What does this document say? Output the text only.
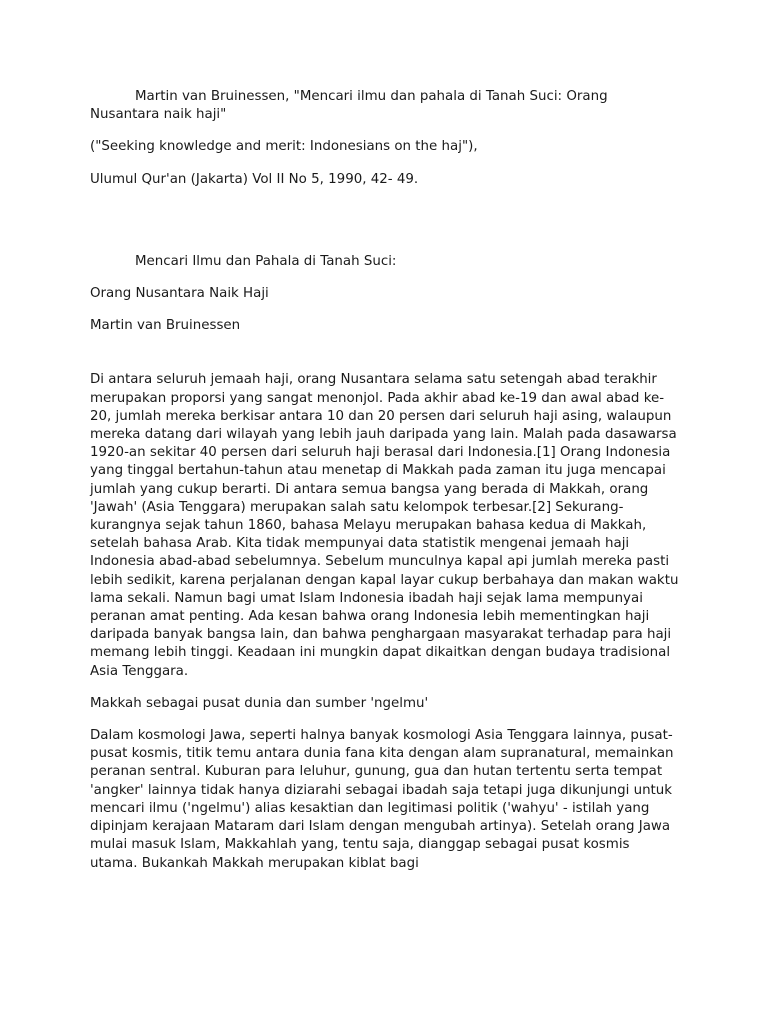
Martin van Bruinessen, "Mencari ilmu dan pahala di Tanah Suci: Orang Nusantara naik haji"

("Seeking knowledge and merit: Indonesians on the haj"),

Ulumul Qur'an (Jakarta) Vol II No 5, 1990, 42- 49.

Mencari Ilmu dan Pahala di Tanah Suci:

Orang Nusantara Naik Haji

Martin van Bruinessen

Di antara seluruh jemaah haji, orang Nusantara selama satu setengah abad terakhir merupakan proporsi yang sangat menonjol. Pada akhir abad ke-19 dan awal abad ke-20, jumlah mereka berkisar antara 10 dan 20 persen dari seluruh haji asing, walaupun mereka datang dari wilayah yang lebih jauh daripada yang lain. Malah pada dasawarsa 1920-an sekitar 40 persen dari seluruh haji berasal dari Indonesia.[1] Orang Indonesia yang tinggal bertahun-tahun atau menetap di Makkah pada zaman itu juga mencapai jumlah yang cukup berarti. Di antara semua bangsa yang berada di Makkah, orang 'Jawah' (Asia Tenggara) merupakan salah satu kelompok terbesar.[2] Sekurang-kurangnya sejak tahun 1860, bahasa Melayu merupakan bahasa kedua di Makkah, setelah bahasa Arab. Kita tidak mempunyai data statistik mengenai jemaah haji Indonesia abad-abad sebelumnya. Sebelum munculnya kapal api jumlah mereka pasti lebih sedikit, karena perjalanan dengan kapal layar cukup berbahaya dan makan waktu lama sekali. Namun bagi umat Islam Indonesia ibadah haji sejak lama mempunyai peranan amat penting. Ada kesan bahwa orang Indonesia lebih mementingkan haji daripada banyak bangsa lain, dan bahwa penghargaan masyarakat terhadap para haji memang lebih tinggi. Keadaan ini mungkin dapat dikaitkan dengan budaya tradisional Asia Tenggara.

Makkah sebagai pusat dunia dan sumber 'ngelmu'

Dalam kosmologi Jawa, seperti halnya banyak kosmologi Asia Tenggara lainnya, pusat-pusat kosmis, titik temu antara dunia fana kita dengan alam supranatural, memainkan peranan sentral. Kuburan para leluhur, gunung, gua dan hutan tertentu serta tempat 'angker' lainnya tidak hanya diziarahi sebagai ibadah saja tetapi juga dikunjungi untuk mencari ilmu ('ngelmu') alias kesaktian dan legitimasi politik ('wahyu' - istilah yang dipinjam kerajaan Mataram dari Islam dengan mengubah artinya). Setelah orang Jawa mulai masuk Islam, Makkahlah yang, tentu saja, dianggap sebagai pusat kosmis utama. Bukankah Makkah merupakan kiblat bagi
